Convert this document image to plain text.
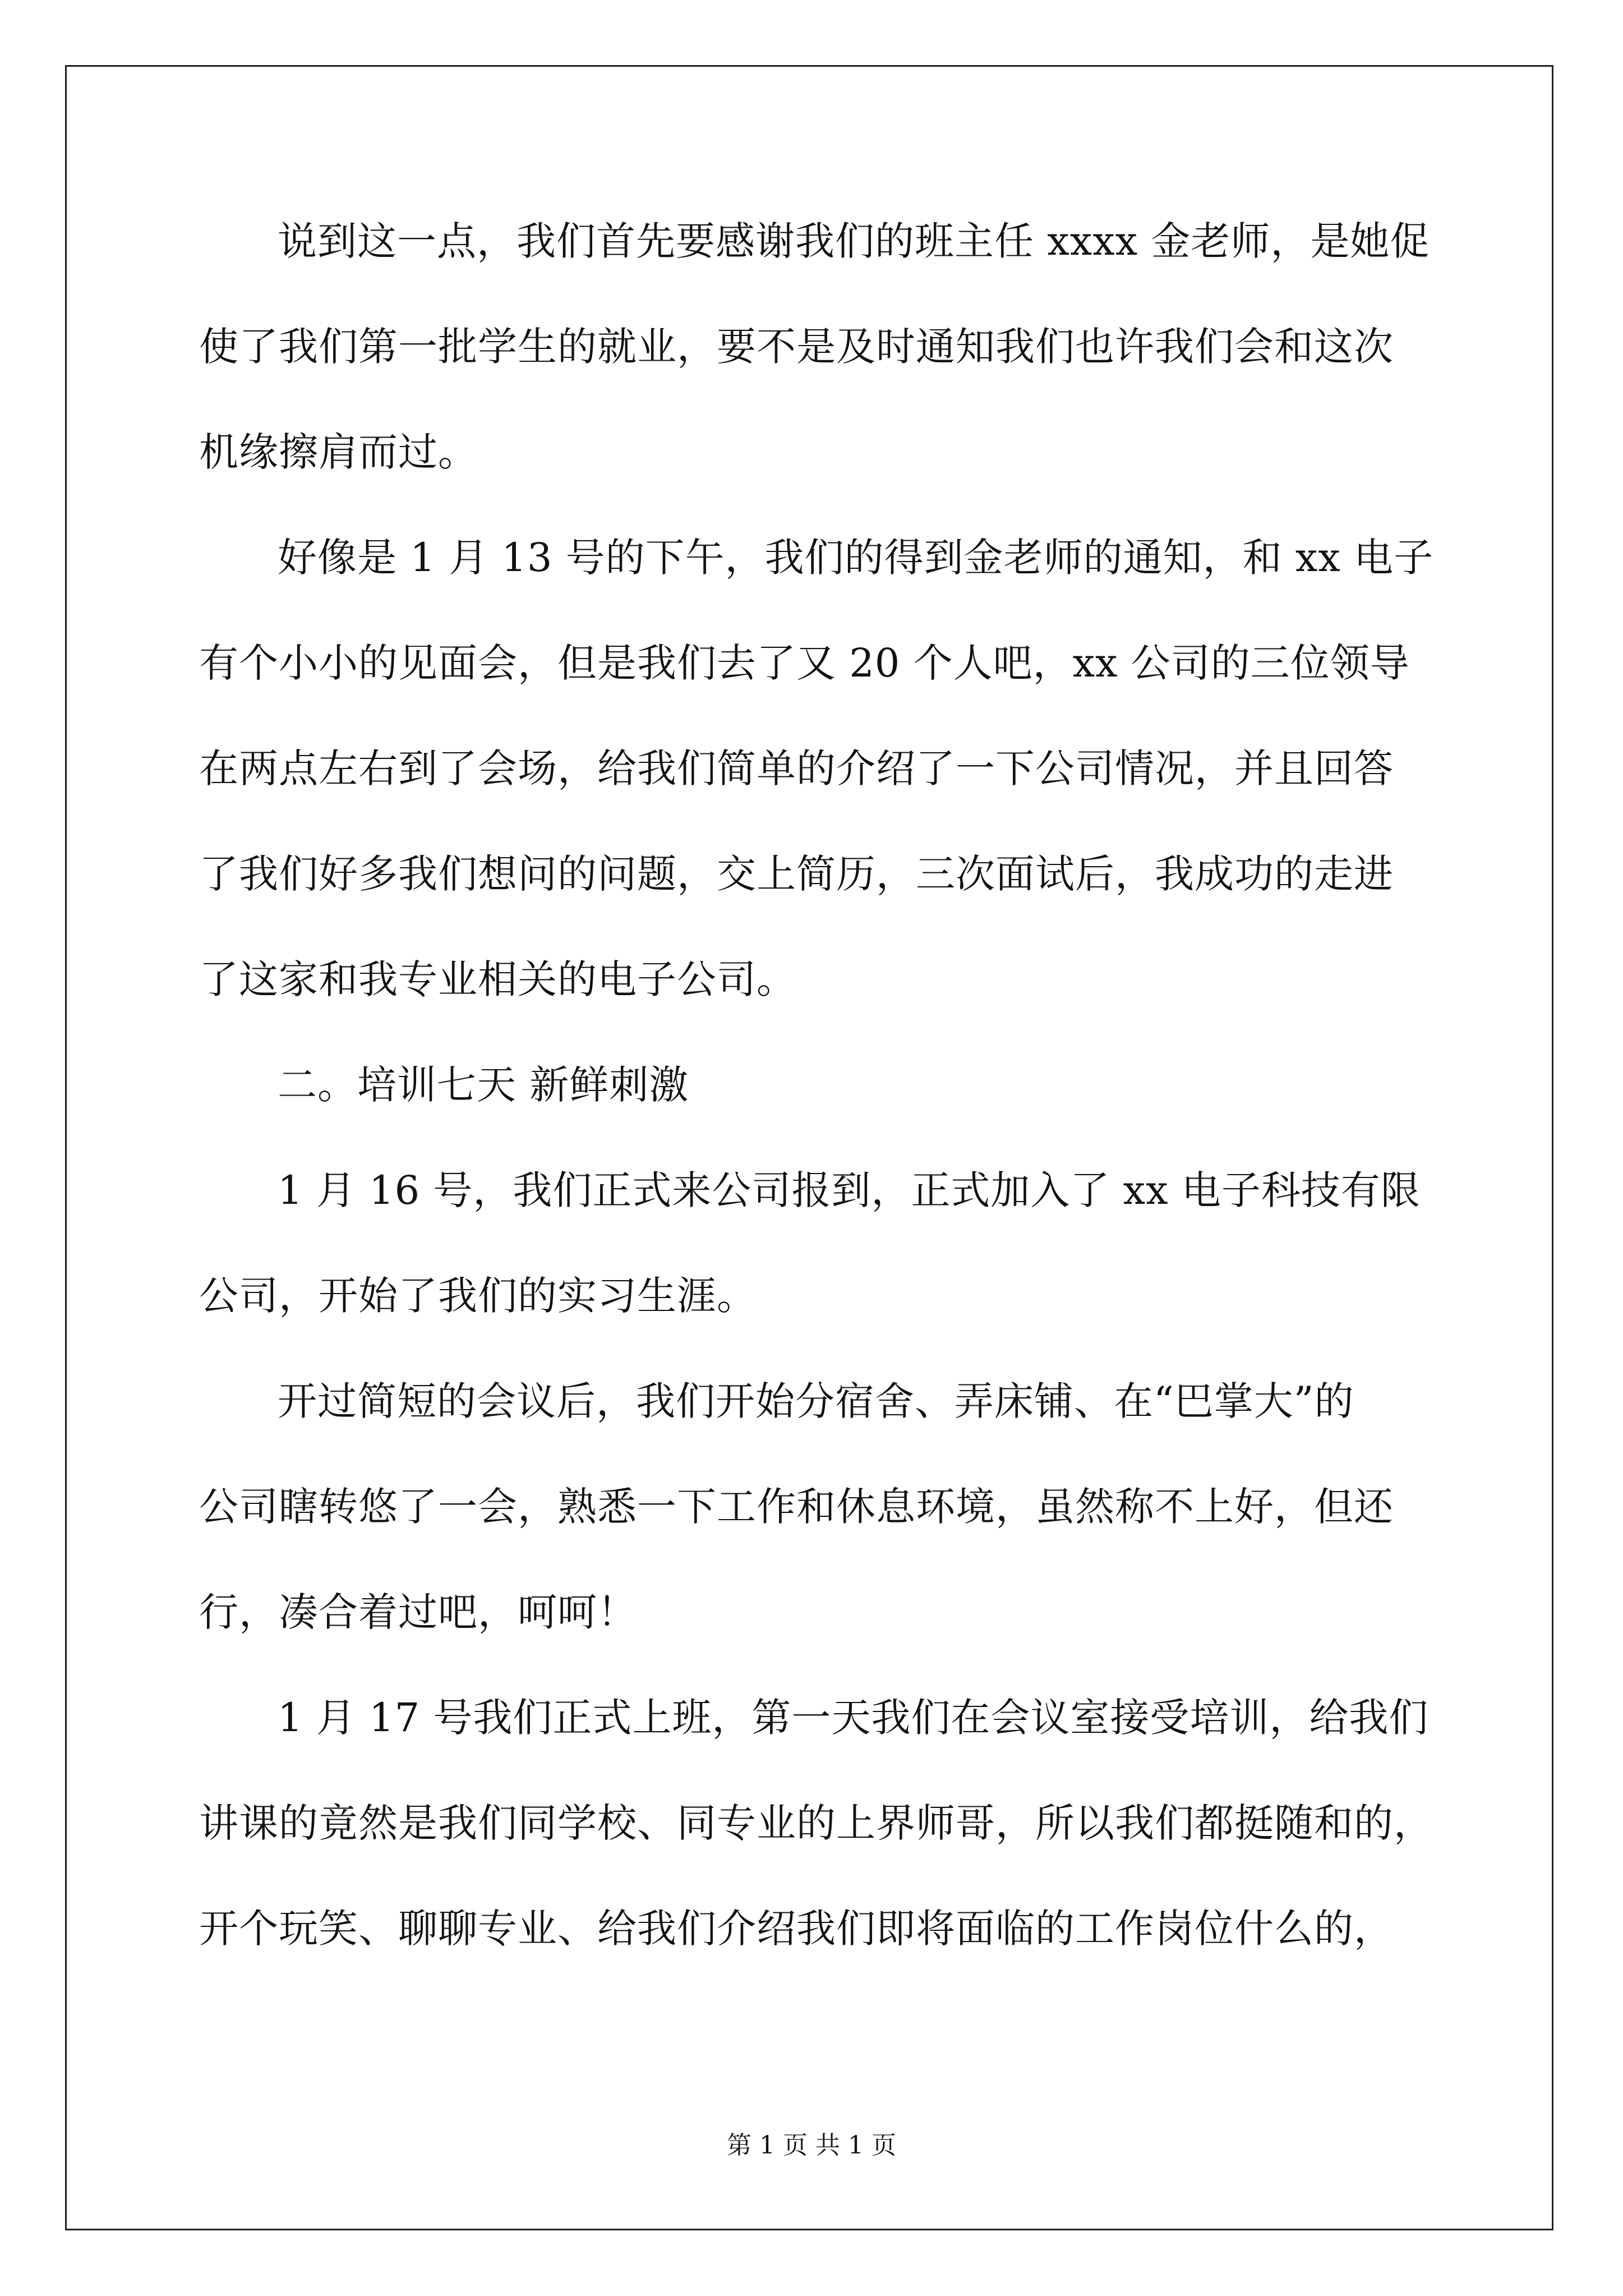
说到这一点，我们首先要感谢我们的班主任 xxxx 金老师，是她促
使了我们第一批学生的就业，要不是及时通知我们也许我们会和这次
机缘擦肩而过。
好像是 1 月 13 号的下午，我们的得到金老师的通知，和 xx 电子
有个小小的见面会，但是我们去了又 20 个人吧，xx 公司的三位领导
在两点左右到了会场，给我们简单的介绍了一下公司情况，并且回答
了我们好多我们想问的问题，交上简历，三次面试后，我成功的走进
了这家和我专业相关的电子公司。
二。培训七天 新鲜刺激
1 月 16 号，我们正式来公司报到，正式加入了 xx 电子科技有限
公司，开始了我们的实习生涯。
开过简短的会议后，我们开始分宿舍、弄床铺、在“巴掌大”的
公司瞎转悠了一会，熟悉一下工作和休息环境，虽然称不上好，但还
行，凑合着过吧，呵呵！
1 月 17 号我们正式上班，第一天我们在会议室接受培训，给我们
讲课的竟然是我们同学校、同专业的上界师哥，所以我们都挺随和的，
开个玩笑、聊聊专业、给我们介绍我们即将面临的工作岗位什么的，
第 1 页 共 1 页
